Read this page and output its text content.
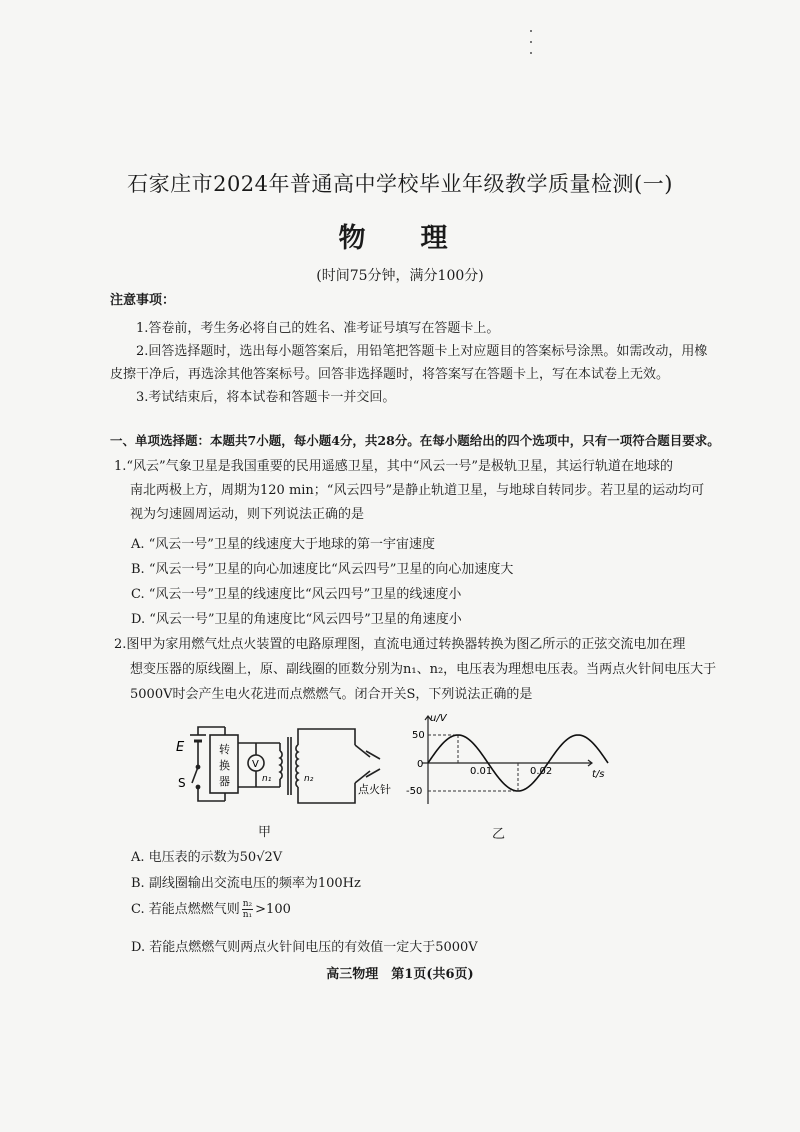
石家庄市2024年普通高中学校毕业年级教学质量检测(一)
物　理
(时间75分钟，满分100分)
注意事项：
1.答卷前，考生务必将自己的姓名、准考证号填写在答题卡上。
2.回答选择题时，选出每小题答案后，用铅笔把答题卡上对应题目的答案标号涂黑。如需改动，用橡
皮擦干净后，再选涂其他答案标号。回答非选择题时，将答案写在答题卡上，写在本试卷上无效。
3.考试结束后，将本试卷和答题卡一并交回。
一、单项选择题：本题共7小题，每小题4分，共28分。在每小题给出的四个选项中，只有一项符合题目要求。
1.“风云”气象卫星是我国重要的民用遥感卫星，其中“风云一号”是极轨卫星，其运行轨道在地球的
南北两极上方，周期为120 min；“风云四号”是静止轨道卫星，与地球自转同步。若卫星的运动均可
视为匀速圆周运动，则下列说法正确的是
A. “风云一号”卫星的线速度大于地球的第一宇宙速度
B. “风云一号”卫星的向心加速度比“风云四号”卫星的向心加速度大
C. “风云一号”卫星的线速度比“风云四号”卫星的线速度小
D. “风云一号”卫星的角速度比“风云四号”卫星的角速度小
2.图甲为家用燃气灶点火装置的电路原理图，直流电通过转换器转换为图乙所示的正弦交流电加在理
想变压器的原线圈上，原、副线圈的匝数分别为n₁、n₂，电压表为理想电压表。当两点火针间电压大于
5000V时会产生电火花进而点燃燃气。闭合开关S，下列说法正确的是
E
S
转
换
器
V
n₁	n₂
点火针
甲
u/V
t/s
50
0
-50
0.01	0.02
乙
A. 电压表的示数为50√2V
B. 副线圈输出交流电压的频率为100Hz
C. 若能点燃燃气则 $\frac{\text{n₂}}{\text{n₁}} >100$
D. 若能点燃燃气则两点火针间电压的有效值一定大于5000V
高三物理　第1页(共6页)
